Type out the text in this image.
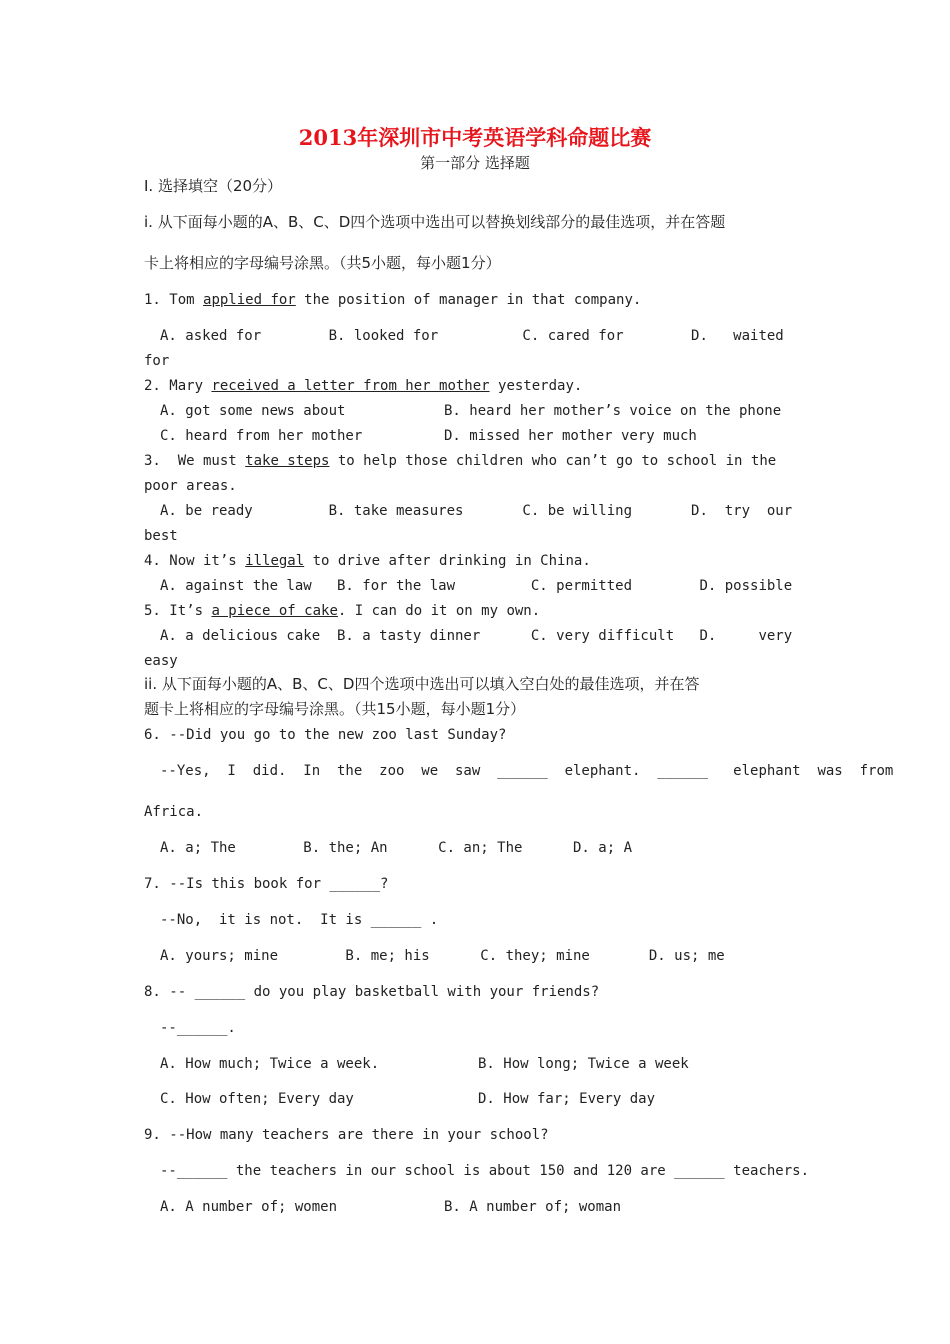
2013年深圳市中考英语学科命题比赛
第一部分 选择题
I. 选择填空（20分）
i. 从下面每小题的A、B、C、D四个选项中选出可以替换划线部分的最佳选项，并在答题
卡上将相应的字母编号涂黑。（共5小题，每小题1分）
1. Tom applied for the position of manager in that company.
A. asked for        B. looked for          C. cared for        D.   waited
for
2. Mary received a letter from her mother yesterday.
A. got some news about	B. heard her mother’s voice on the phone
C. heard from her mother	D. missed her mother very much
3.  We must take steps to help those children who can’t go to school in the
poor areas.
A. be ready         B. take measures       C. be willing       D.  try  our
best
4. Now it’s illegal to drive after drinking in China.
A. against the law   B. for the law         C. permitted        D. possible
5. It’s a piece of cake. I can do it on my own.
A. a delicious cake  B. a tasty dinner      C. very difficult   D.     very
easy
ii. 从下面每小题的A、B、C、D四个选项中选出可以填入空白处的最佳选项，并在答
题卡上将相应的字母编号涂黑。（共15小题，每小题1分）
6. --Did you go to the new zoo last Sunday?
--Yes,  I  did.  In  the  zoo  we  saw  ______  elephant.  ______   elephant  was  from
Africa.
A. a; The        B. the; An      C. an; The      D. a; A
7. --Is this book for ______?
--No,  it is not.  It is ______ .
A. yours; mine        B. me; his      C. they; mine       D. us; me
8. -- ______ do you play basketball with your friends?
--______.
A. How much; Twice a week.	B. How long; Twice a week
C. How often; Every day	D. How far; Every day
9. --How many teachers are there in your school?
--______ the teachers in our school is about 150 and 120 are ______ teachers.
A. A number of; women	B. A number of; woman
